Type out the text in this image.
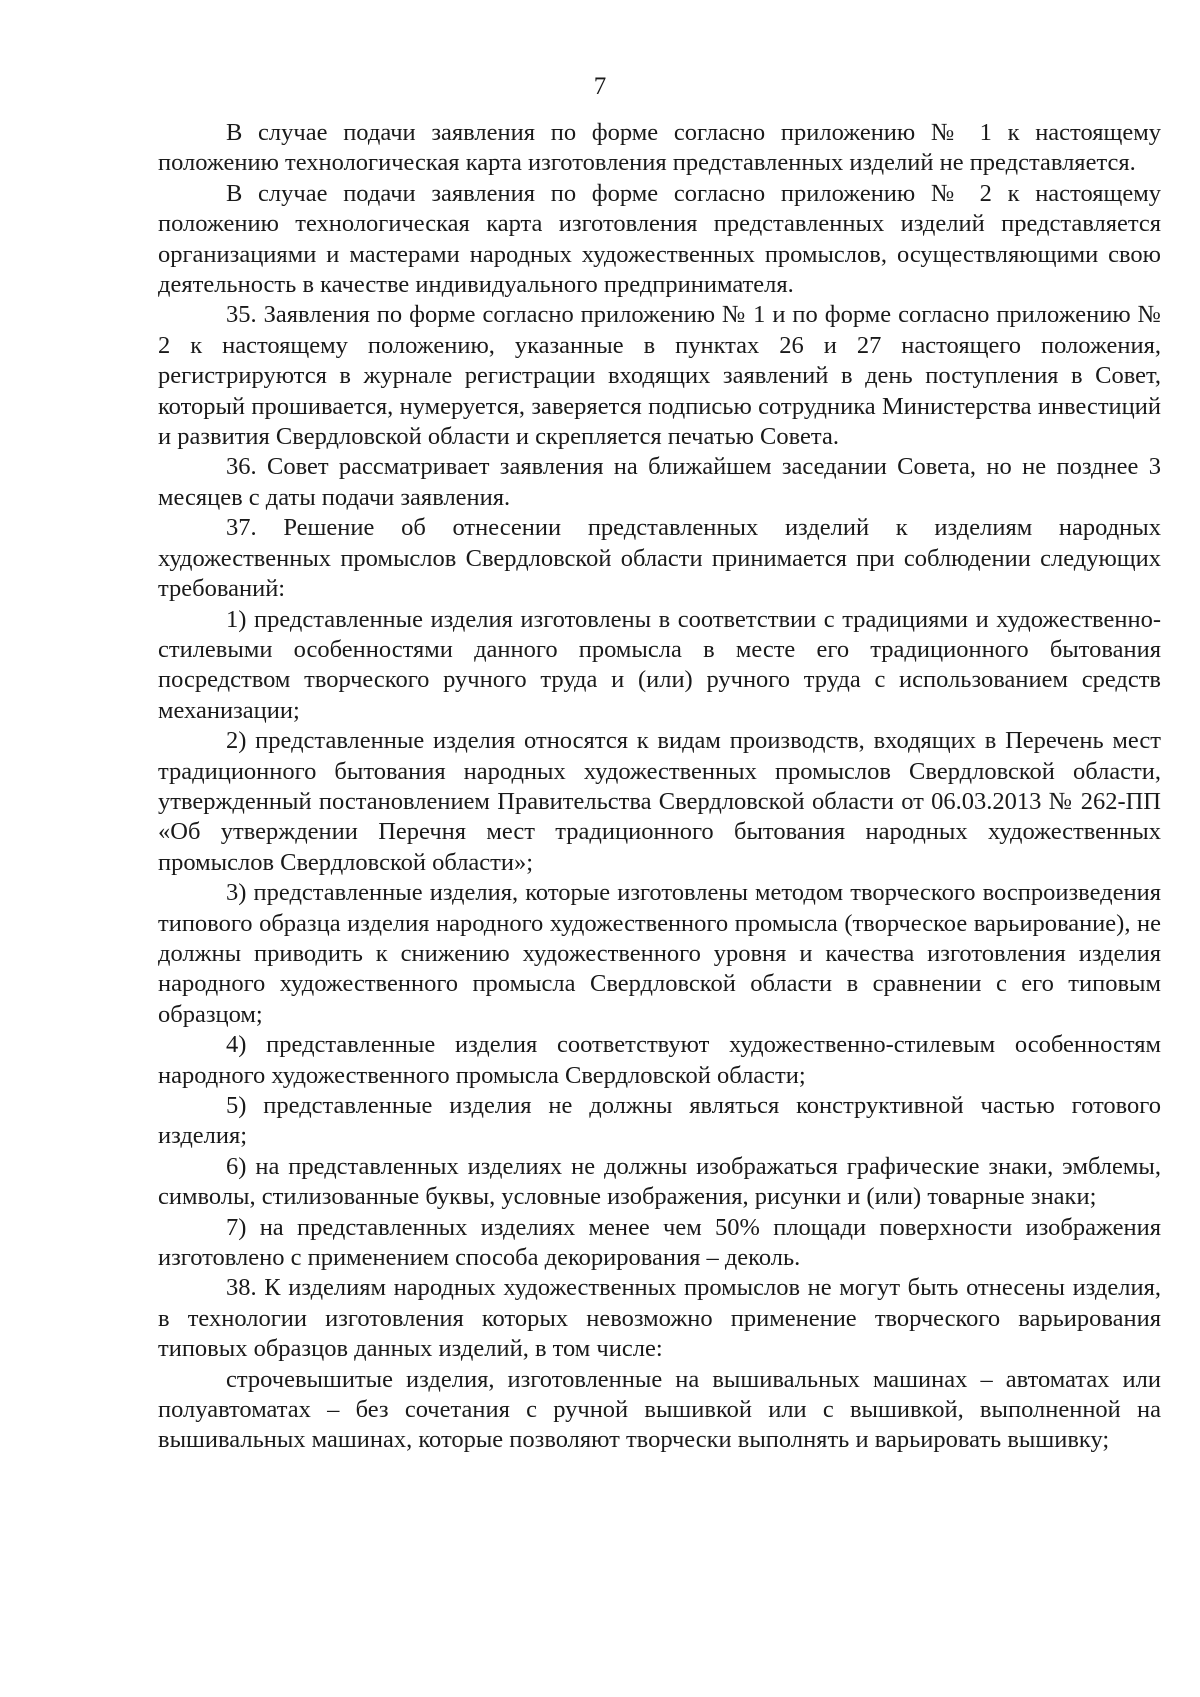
7

В случае подачи заявления по форме согласно приложению № 1 к настоящему положению технологическая карта изготовления представленных изделий не представляется.

В случае подачи заявления по форме согласно приложению № 2 к настоящему положению технологическая карта изготовления представленных изделий представляется организациями и мастерами народных художественных промыслов, осуществляющими свою деятельность в качестве индивидуального предпринимателя.

35. Заявления по форме согласно приложению № 1 и по форме согласно приложению № 2 к настоящему положению, указанные в пунктах 26 и 27 настоящего положения, регистрируются в журнале регистрации входящих заявлений в день поступления в Совет, который прошивается, нумеруется, заверяется подписью сотрудника Министерства инвестиций и развития Свердловской области и скрепляется печатью Совета.

36. Совет рассматривает заявления на ближайшем заседании Совета, но не позднее 3 месяцев с даты подачи заявления.

37. Решение об отнесении представленных изделий к изделиям народных художественных промыслов Свердловской области принимается при соблюдении следующих требований:

1) представленные изделия изготовлены в соответствии с традициями и художественно-стилевыми особенностями данного промысла в месте его традиционного бытования посредством творческого ручного труда и (или) ручного труда с использованием средств механизации;

2) представленные изделия относятся к видам производств, входящих в Перечень мест традиционного бытования народных художественных промыслов Свердловской области, утвержденный постановлением Правительства Свердловской области от 06.03.2013 № 262-ПП «Об утверждении Перечня мест традиционного бытования народных художественных промыслов Свердловской области»;

3) представленные изделия, которые изготовлены методом творческого воспроизведения типового образца изделия народного художественного промысла (творческое варьирование), не должны приводить к снижению художественного уровня и качества изготовления изделия народного художественного промысла Свердловской области в сравнении с его типовым образцом;

4) представленные изделия соответствуют художественно-стилевым особенностям народного художественного промысла Свердловской области;

5) представленные изделия не должны являться конструктивной частью готового изделия;

6) на представленных изделиях не должны изображаться графические знаки, эмблемы, символы, стилизованные буквы, условные изображения, рисунки и (или) товарные знаки;

7) на представленных изделиях менее чем 50% площади поверхности изображения изготовлено с применением способа декорирования – деколь.

38. К изделиям народных художественных промыслов не могут быть отнесены изделия, в технологии изготовления которых невозможно применение творческого варьирования типовых образцов данных изделий, в том числе:

строчевышитые изделия, изготовленные на вышивальных машинах – автоматах или полуавтоматах – без сочетания с ручной вышивкой или с вышивкой, выполненной на вышивальных машинах, которые позволяют творчески выполнять и варьировать вышивку;
